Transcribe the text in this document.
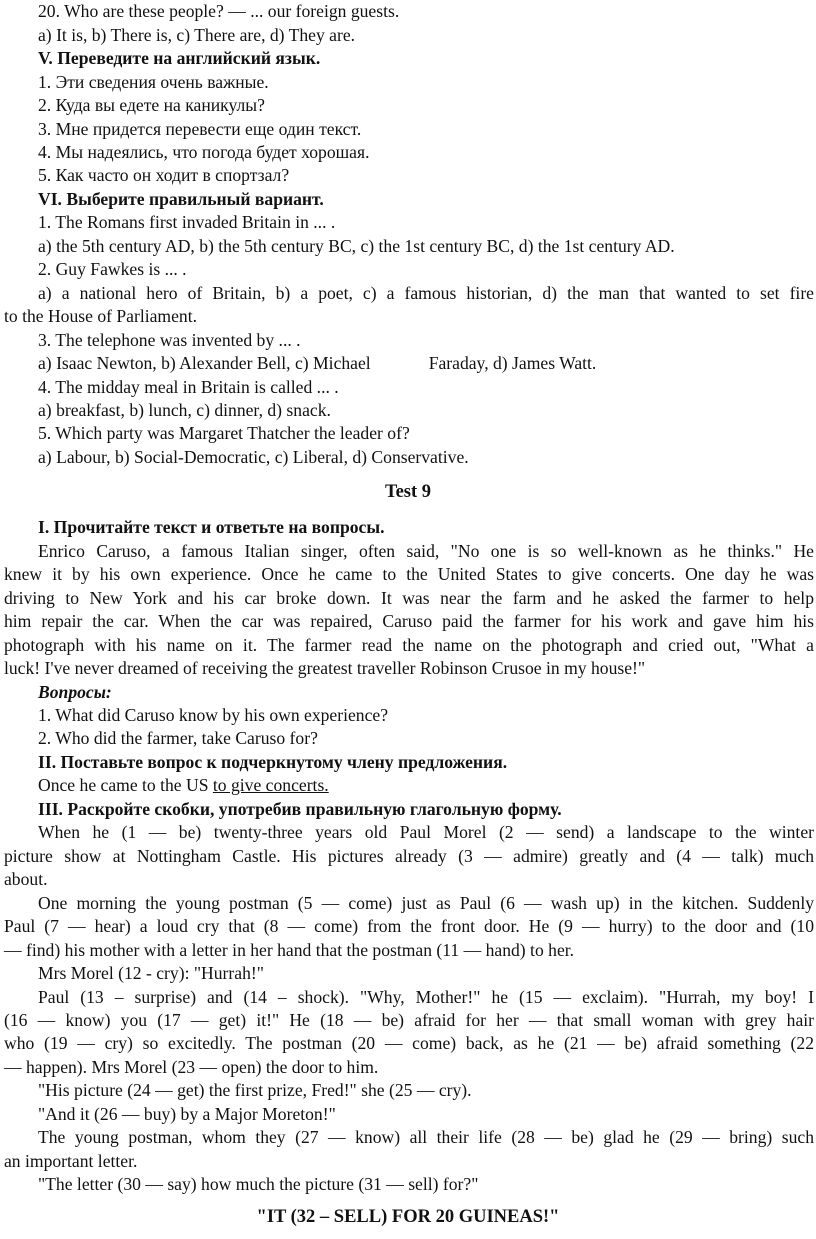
20. Who are these people? — ... our foreign guests.
a) It is, b) There is, c) There are, d) They are.
V. Переведите на английский язык.
1. Эти сведения очень важные.
2. Куда вы едете на каникулы?
3. Мне придется перевести еще один текст.
4. Мы надеялись, что погода будет хорошая.
5. Как часто он ходит в спортзал?
VI. Выберите правильный вариант.
1. The Romans first invaded Britain in ... .
a) the 5th century AD, b) the 5th century BC, c) the 1st century BC, d) the 1st century AD.
2. Guy Fawkes is ... .
a) a national hero of Britain, b) a poet, c) a famous historian, d) the man that wanted to set fire
to the House of Parliament.
3. The telephone was invented by ... .
a) Isaac Newton, b) Alexander Bell, c) Michael	Faraday, d) James Watt.
4. The midday meal in Britain is called ... .
a) breakfast, b) lunch, c) dinner, d) snack.
5. Which party was Margaret Thatcher the leader of?
a) Labour, b) Social-Democratic, c) Liberal, d) Conservative.
Test 9
I. Прочитайте текст и ответьте на вопросы.
Enrico Caruso, a famous Italian singer, often said, "No one is so well-known as he thinks." He
knew it by his own experience. Once he came to the United States to give concerts. One day he was
driving to New York and his car broke down. It was near the farm and he asked the farmer to help
him repair the car. When the car was repaired, Caruso paid the farmer for his work and gave him his
photograph with his name on it. The farmer read the name on the photograph and cried out, "What a
luck! I've never dreamed of receiving the greatest traveller Robinson Crusoe in my house!"
Вопросы:
1. What did Caruso know by his own experience?
2. Who did the farmer, take Caruso for?
II. Поставьте вопрос к подчеркнутому члену предложения.
Once he came to the US to give concerts.
III. Раскройте скобки, употребив правильную глагольную форму.
When he (1 — be) twenty-three years old Paul Morel (2 — send) a landscape to the winter
picture show at Nottingham Castle. His pictures already (3 — admire) greatly and (4 — talk) much
about.
One morning the young postman (5 — come) just as Paul (6 — wash up) in the kitchen. Suddenly
Paul (7 — hear) a loud cry that (8 — come) from the front door. He (9 — hurry) to the door and (10
— find) his mother with a letter in her hand that the postman (11 — hand) to her.
Mrs Morel (12 - cry): "Hurrah!"
Paul (13 – surprise) and (14 – shock). "Why, Mother!" he (15 — exclaim). "Hurrah, my boy! I
(16 — know) you (17 — get) it!" He (18 — be) afraid for her — that small woman with grey hair
who (19 — cry) so excitedly. The postman (20 — come) back, as he (21 — be) afraid something (22
— happen). Mrs Morel (23 — open) the door to him.
"His picture (24 — get) the first prize, Fred!" she (25 — cry).
"And it (26 — buy) by a Major Moreton!"
The young postman, whom they (27 — know) all their life (28 — be) glad he (29 — bring) such
an important letter.
"The letter (30 — say) how much the picture (31 — sell) for?"
"IT (32 – SELL) FOR 20 GUINEAS!"
